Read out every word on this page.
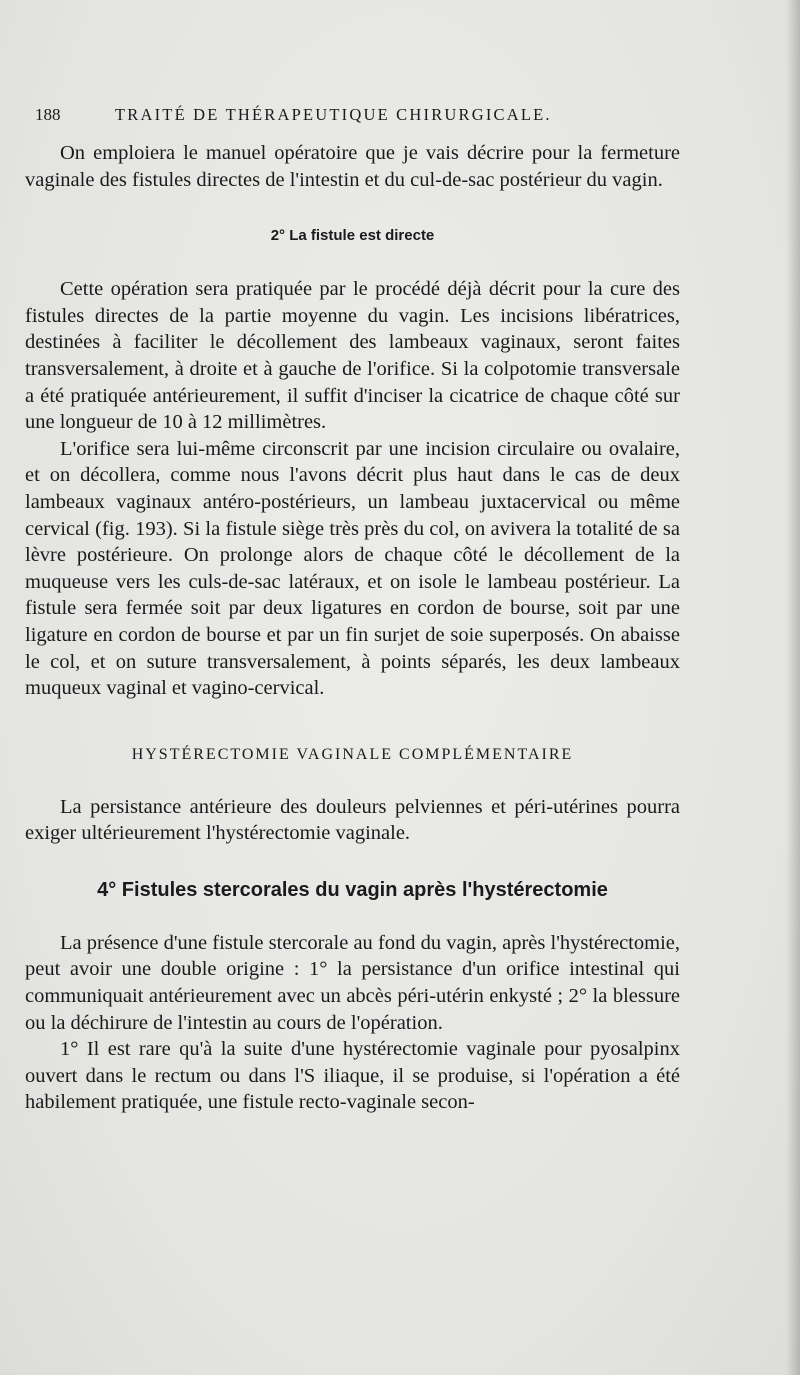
188	TRAITÉ DE THÉRAPEUTIQUE CHIRURGICALE.

On emploiera le manuel opératoire que je vais décrire pour la fermeture vaginale des fistules directes de l'intestin et du cul-de-sac postérieur du vagin.

2° La fistule est directe

Cette opération sera pratiquée par le procédé déjà décrit pour la cure des fistules directes de la partie moyenne du vagin. Les incisions libératrices, destinées à faciliter le décollement des lambeaux vaginaux, seront faites transversalement, à droite et à gauche de l'orifice. Si la colpotomie transversale a été pratiquée antérieurement, il suffit d'inciser la cicatrice de chaque côté sur une longueur de 10 à 12 millimètres.

L'orifice sera lui-même circonscrit par une incision circulaire ou ovalaire, et on décollera, comme nous l'avons décrit plus haut dans le cas de deux lambeaux vaginaux antéro-postérieurs, un lambeau juxtacervical ou même cervical (fig. 193). Si la fistule siège très près du col, on avivera la totalité de sa lèvre postérieure. On prolonge alors de chaque côté le décollement de la muqueuse vers les culs-de-sac latéraux, et on isole le lambeau postérieur. La fistule sera fermée soit par deux ligatures en cordon de bourse, soit par une ligature en cordon de bourse et par un fin surjet de soie superposés. On abaisse le col, et on suture transversalement, à points séparés, les deux lambeaux muqueux vaginal et vagino-cervical.

HYSTÉRECTOMIE VAGINALE COMPLÉMENTAIRE

La persistance antérieure des douleurs pelviennes et péri-utérines pourra exiger ultérieurement l'hystérectomie vaginale.

4° Fistules stercorales du vagin après l'hystérectomie

La présence d'une fistule stercorale au fond du vagin, après l'hystérectomie, peut avoir une double origine : 1° la persistance d'un orifice intestinal qui communiquait antérieurement avec un abcès péri-utérin enkysté ; 2° la blessure ou la déchirure de l'intestin au cours de l'opération.

1° Il est rare qu'à la suite d'une hystérectomie vaginale pour pyosalpinx ouvert dans le rectum ou dans l'S iliaque, il se produise, si l'opération a été habilement pratiquée, une fistule recto-vaginale secon-
